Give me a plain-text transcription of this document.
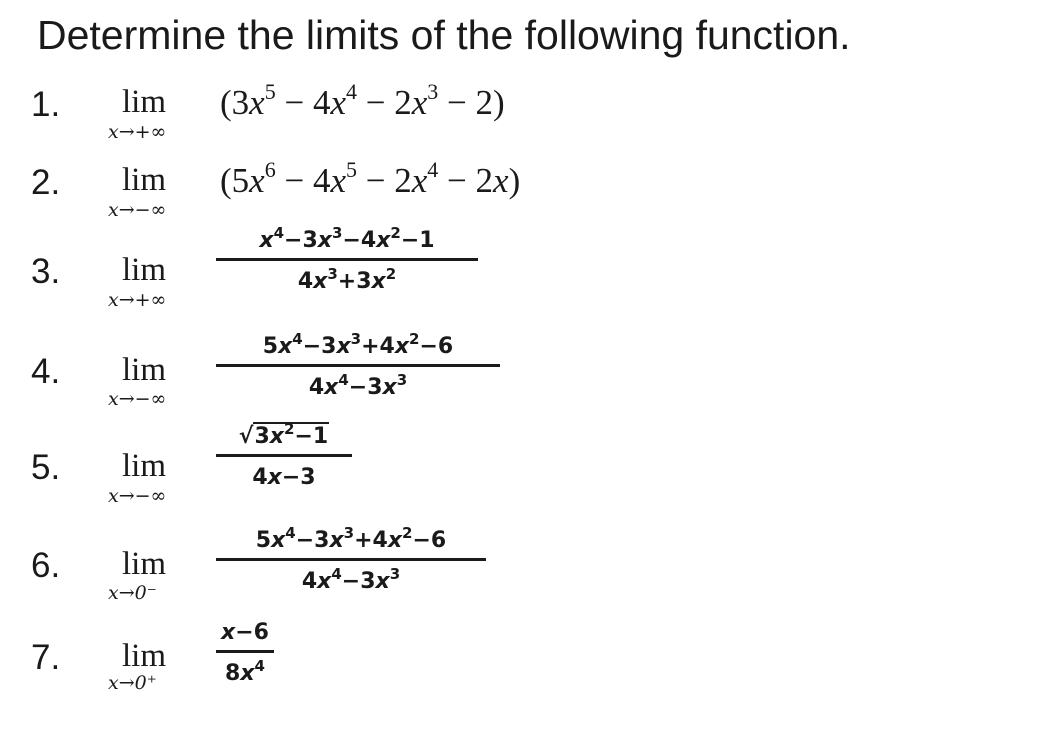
Determine the limits of the following function.
1. lim
x→+∞
$(3x^5 - 4x^4 - 2x^3 - 2)$
2. lim
x→−∞
$(5x^6 - 4x^5 - 2x^4 - 2x)$
3. lim
x→+∞
$x^4-3x^3-4x^2-1$
$4x^3+3x^2$
4. lim
x→−∞
$5x^4-3x^3+4x^2-6$
$4x^4-3x^3$
5. lim
x→−∞
$√3x^2-1$
4x−3
6. lim
x→0⁻
$5x^4-3x^3+4x^2-6$
$4x^4-3x^3$
7. lim
x→0⁺
x−6
$8x^4$
